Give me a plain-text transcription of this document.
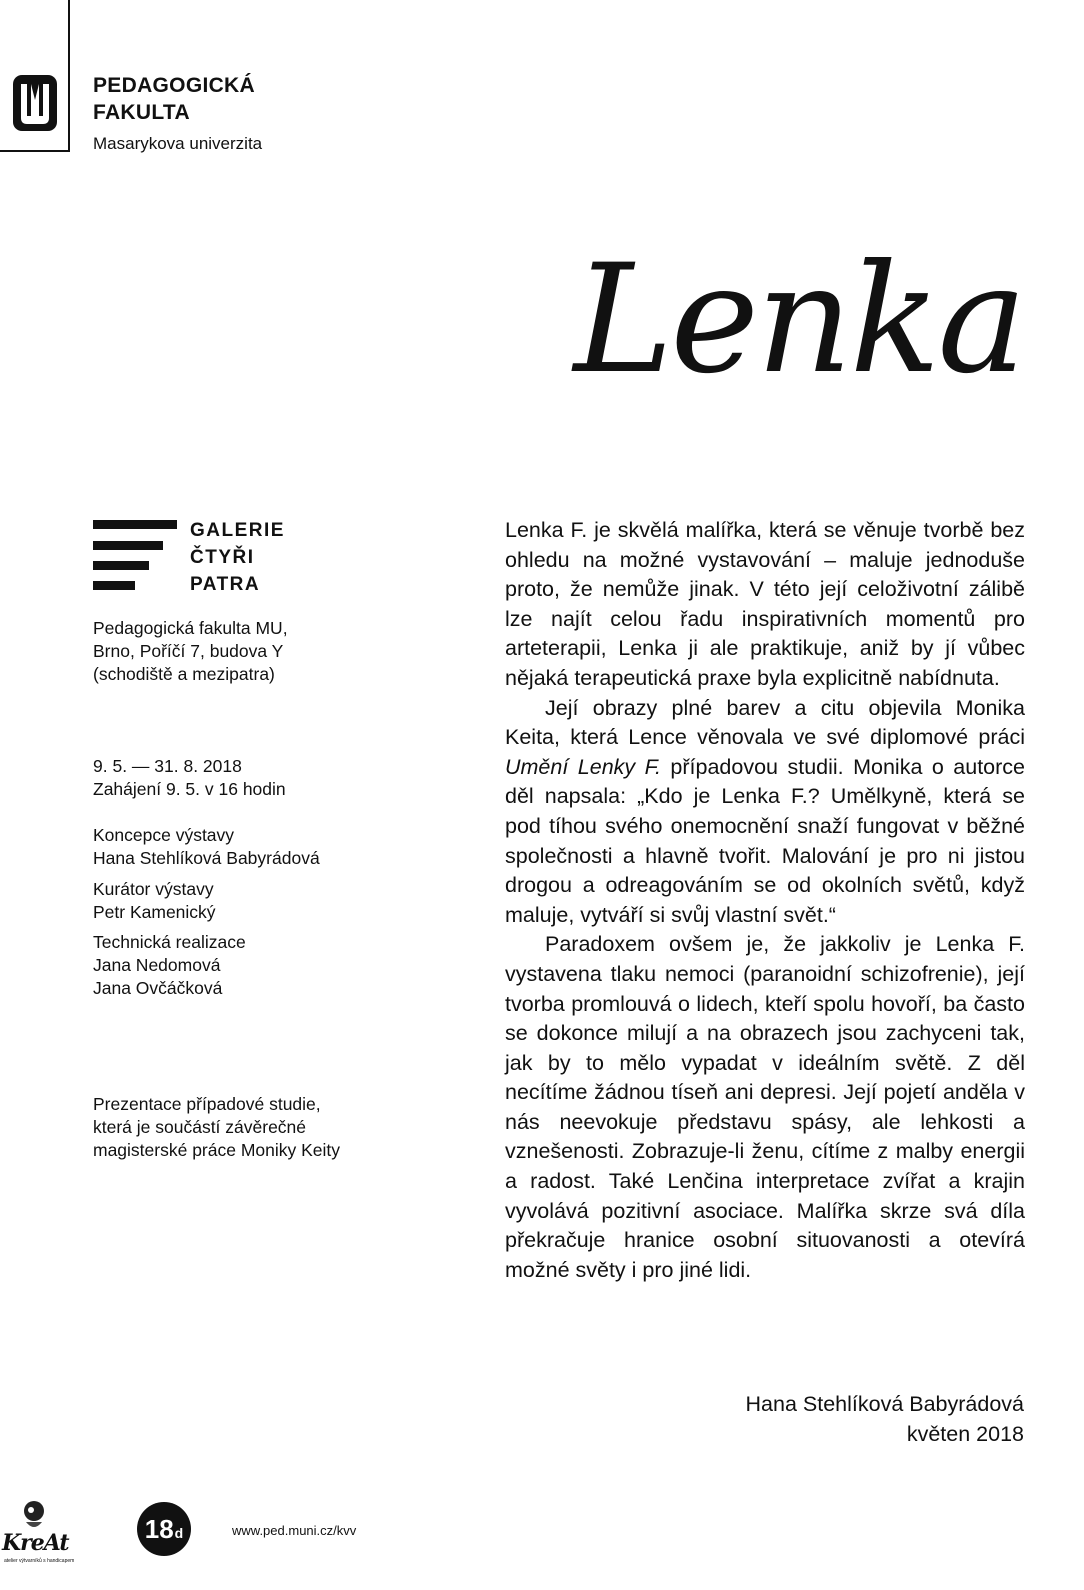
PEDAGOGICKÁ
FAKULTA
Masarykova univerzita
Lenka
GALERIE
ČTYŘI
PATRA
Pedagogická fakulta MU,
Brno, Poříčí 7, budova Y
(schodiště a mezipatra)
9. 5. — 31. 8. 2018
Zahájení 9. 5. v 16 hodin
Koncepce výstavy
Hana Stehlíková Babyrádová
Kurátor výstavy
Petr Kamenický
Technická realizace
Jana Nedomová
Jana Ovčáčková
Prezentace případové studie,
která je součástí závěrečné
magisterské práce Moniky Keity

Lenka F. je skvělá malířka, která se věnuje tvorbě bez ohledu na možné vystavování – maluje jednoduše proto, že nemůže jinak. V této její celoživotní zálibě lze najít celou řadu inspirativních momentů pro arteterapii, Lenka ji ale praktikuje, aniž by jí vůbec nějaká terapeutická praxe byla explicitně nabídnuta.

Její obrazy plné barev a citu objevila Monika Keita, která Lence věnovala ve své diplomové práci Umění Lenky F. případovou studii. Monika o autorce děl napsala: „Kdo je Lenka F.? Umělkyně, která se pod tíhou svého onemocnění snaží fungovat v běžné společnosti a hlavně tvořit. Malování je pro ni jistou drogou a odreagováním se od okolních světů, když maluje, vytváří si svůj vlastní svět.“

Paradoxem ovšem je, že jakkoliv je Lenka F. vystavena tlaku nemoci (paranoidní schizofrenie), její tvorba promlouvá o lidech, kteří spolu hovoří, ba často se dokonce milují a na obrazech jsou zachyceni tak, jak by to mělo vypadat v ideálním světě. Z děl necítíme žádnou tíseň ani depresi. Její pojetí anděla v nás neevokuje představu spásy, ale lehkosti a vznešenosti. Zobrazuje-li ženu, cítíme z malby energii a radost. Také Lenčina interpretace zvířat a krajin vyvolává pozitivní asociace. Malířka skrze svá díla překračuje hranice osobní situovanosti a otevírá možné světy i pro jiné lidi.

Hana Stehlíková Babyrádová
květen 2018
KreAt
atelier výtvarníků s handicapem
18 d	www.ped.muni.cz/kvv
